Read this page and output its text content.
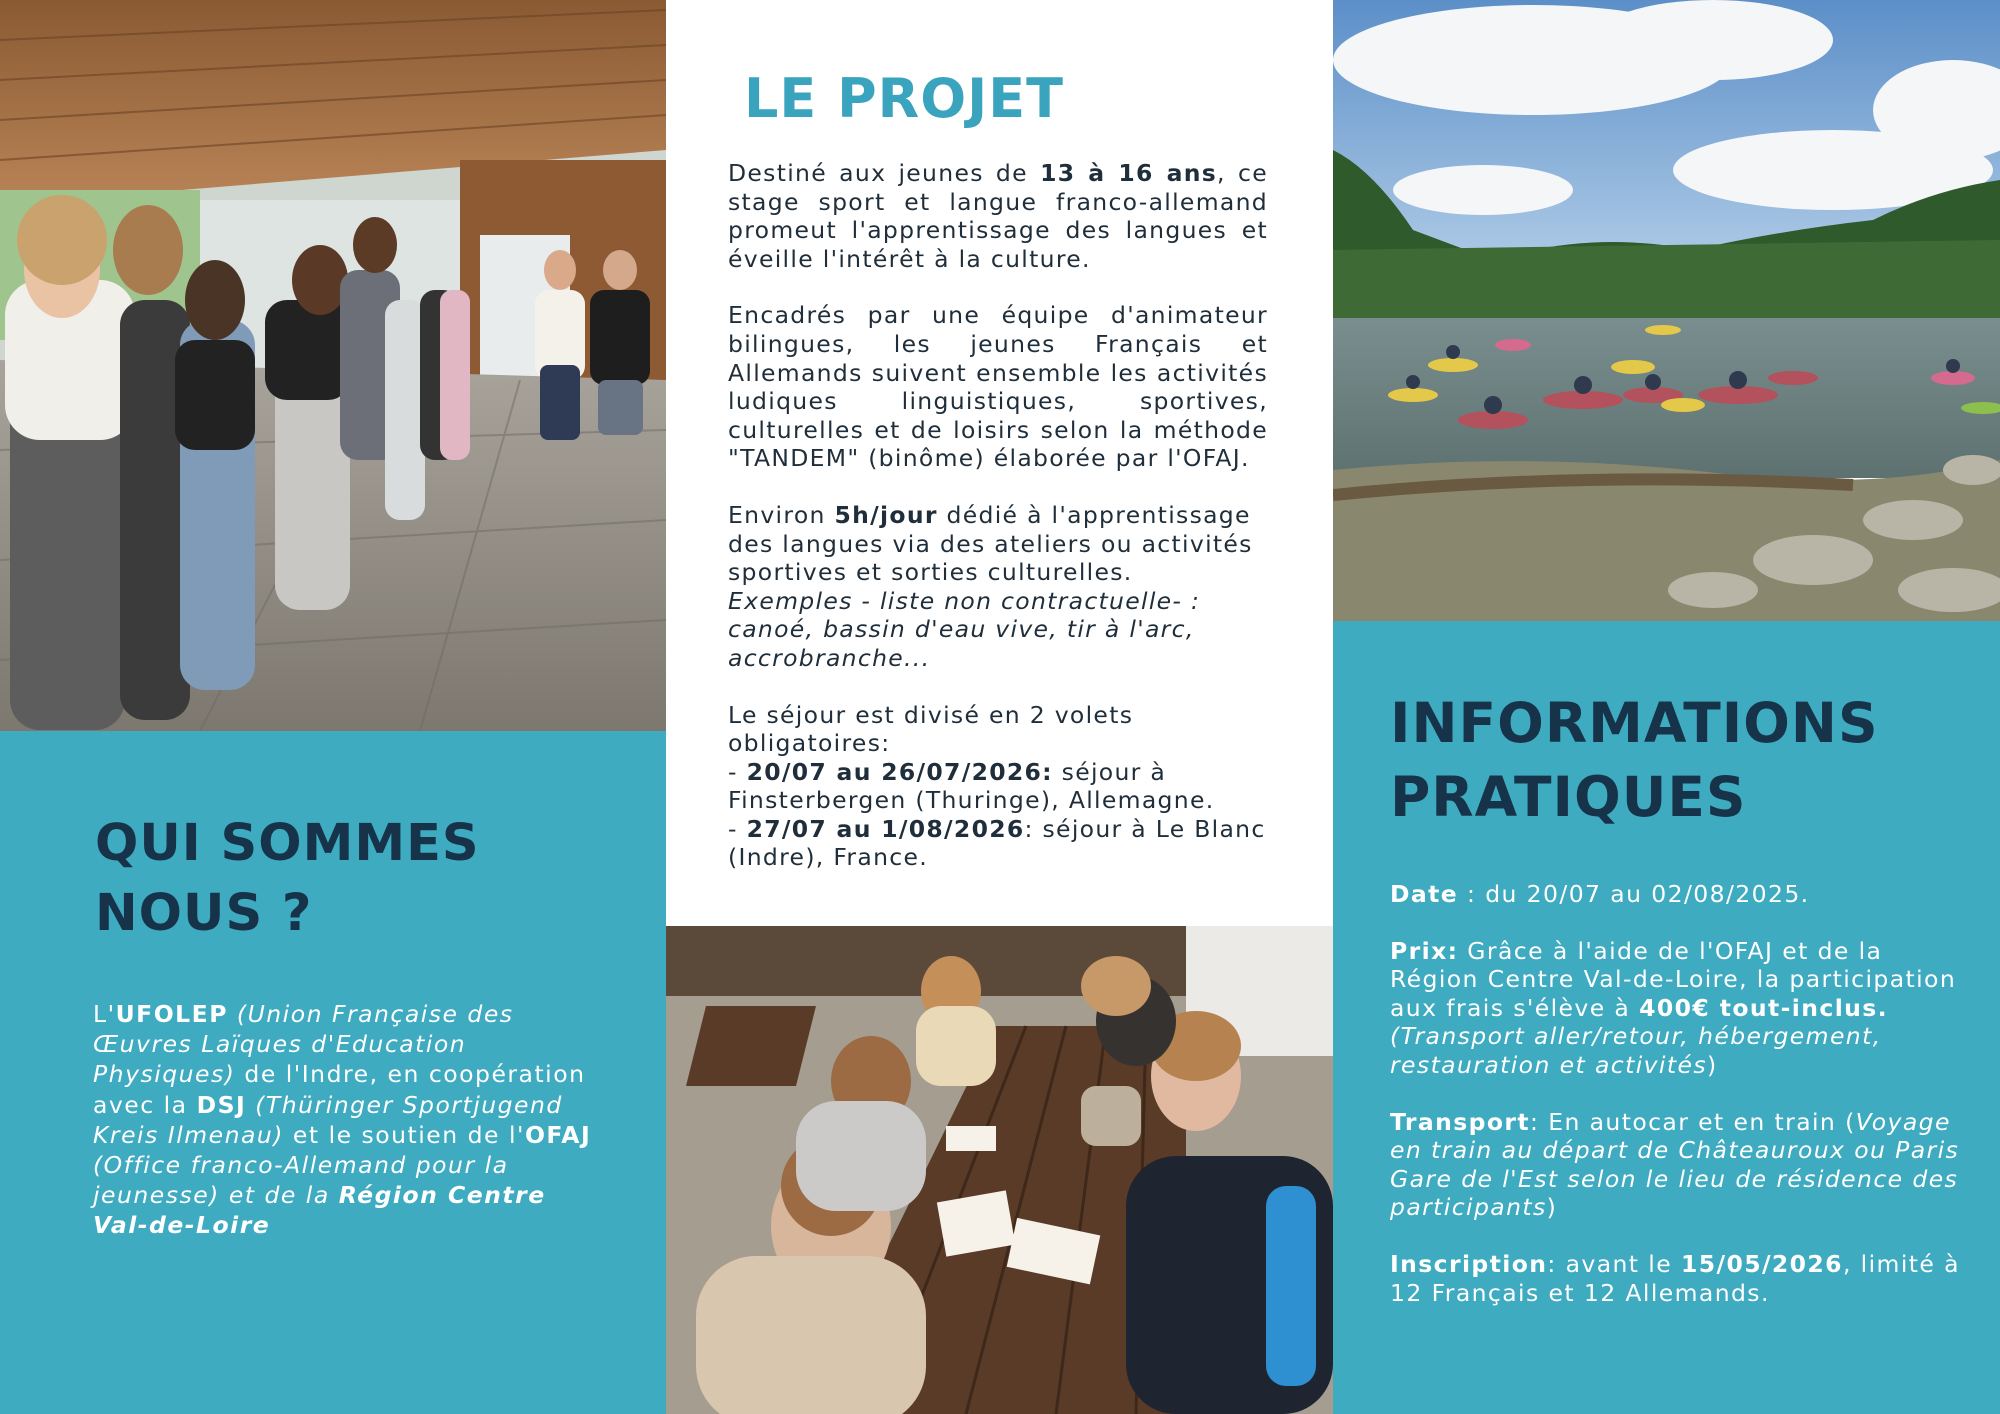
QUI SOMMES
NOUS ?
L'UFOLEP (Union Française des Œuvres Laïques d'Education Physiques) de l'Indre, en coopération avec la DSJ (Thüringer Sportjugend Kreis Ilmenau) et le soutien de l'OFAJ (Office franco-Allemand pour la jeunesse) et de la Région Centre Val-de-Loire
LE PROJET

Destiné aux jeunes de 13 à 16 ans, ce stage sport et langue franco-allemand promeut l'apprentissage des langues et éveille l'intérêt à la culture.

Encadrés par une équipe d'animateur bilingues, les jeunes Français et Allemands suivent ensemble les activités ludiques linguistiques, sportives, culturelles et de loisirs selon la méthode "TANDEM" (binôme) élaborée par l'OFAJ.

Environ 5h/jour dédié à l'apprentissage des langues via des ateliers ou activités sportives et sorties culturelles.
Exemples - liste non contractuelle- : canoé, bassin d'eau vive, tir à l'arc, accrobranche...

Le séjour est divisé en 2 volets obligatoires:
- 20/07 au 26/07/2026: séjour à Finsterbergen (Thuringe), Allemagne.
- 27/07 au 1/08/2026: séjour à Le Blanc (Indre), France.

INFORMATIONS
PRATIQUES

Date : du 20/07 au 02/08/2025.

Prix: Grâce à l'aide de l'OFAJ et de la Région Centre Val-de-Loire, la participation aux frais s'élève à 400€ tout-inclus. (Transport aller/retour, hébergement, restauration et activités)

Transport: En autocar et en train (Voyage en train au départ de Châteauroux ou Paris Gare de l'Est selon le lieu de résidence des participants)

Inscription: avant le 15/05/2026, limité à 12 Français et 12 Allemands.
